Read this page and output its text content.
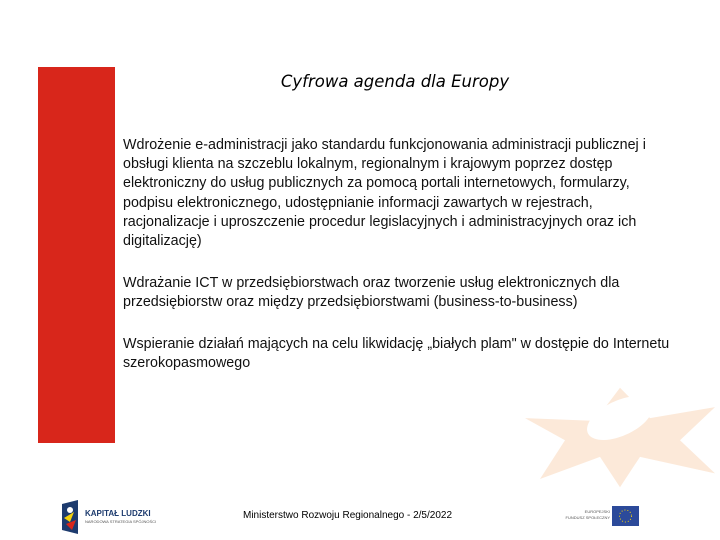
Cyfrowa agenda dla Europy
Wdrożenie e-administracji jako standardu funkcjonowania administracji publicznej i obsługi klienta na szczeblu lokalnym, regionalnym i krajowym poprzez dostęp elektroniczny do usług publicznych za pomocą portali internetowych, formularzy, podpisu elektronicznego, udostępnianie informacji zawartych w rejestrach, racjonalizacje i uproszczenie procedur legislacyjnych i administracyjnych oraz ich digitalizację)
Wdrażanie ICT w przedsiębiorstwach oraz tworzenie usług elektronicznych dla przedsiębiorstw oraz między przedsiębiorstwami (business-to-business)
Wspieranie działań mających na celu likwidację „białych plam" w dostępie do Internetu szerokopasmowego
KAPITAŁ LUDZKI
NARODOWA STRATEGIA SPÓJNOŚCI
Ministerstwo Rozwoju Regionalnego - 2/5/2022	EUROPEJSKI
FUNDUSZ SPOŁECZNY
